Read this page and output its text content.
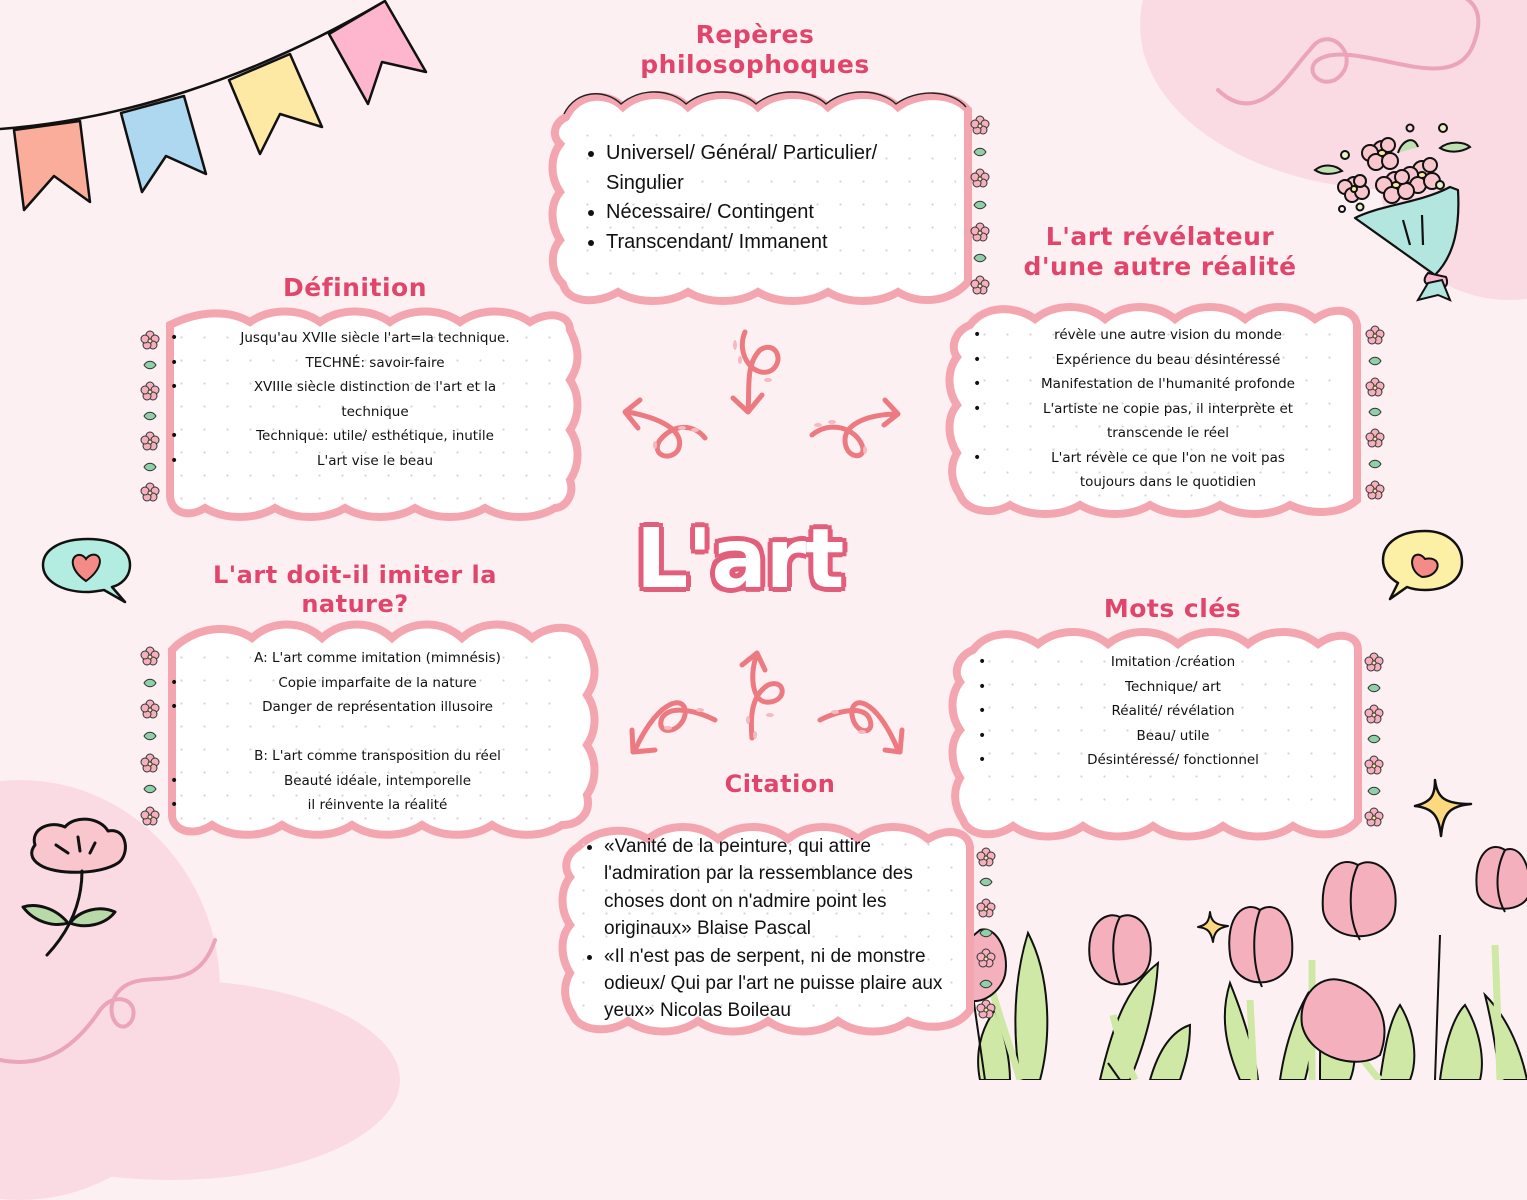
Repères
philosophoques
• Universel/ Général/ Particulier/
Singulier
• Nécessaire/ Contingent
• Transcendant/ Immanent
Définition
• Jusqu'au XVIIe siècle l'art=la technique.
• TECHNÉ: savoir-faire
• XVIIIe siècle distinction de l'art et la
technique
• Technique: utile/ esthétique, inutile
• L'art vise le beau
L'art révélateur
d'une autre réalité
• révèle une autre vision du monde
• Expérience du beau désintéressé
• Manifestation de l'humanité profonde
• L'artiste ne copie pas, il interprète et
transcende le réel
• L'art révèle ce que l'on ne voit pas
toujours dans le quotidien
L'art
L'art doit-il imiter la
nature?
A: L'art comme imitation (mimnésis)
• Copie imparfaite de la nature
• Danger de représentation illusoire
B: L'art comme transposition du réel
• Beauté idéale, intemporelle
• il réinvente la réalité
Mots clés
• Imitation /création
• Technique/ art
• Réalité/ révélation
• Beau/ utile
• Désintéressé/ fonctionnel
Citation
• «Vanité de la peinture, qui attire l'admiration par la ressemblance des choses dont on n'admire point les originaux» Blaise Pascal
• «Il n'est pas de serpent, ni de monstre odieux/ Qui par l'art ne puisse plaire aux yeux» Nicolas Boileau
